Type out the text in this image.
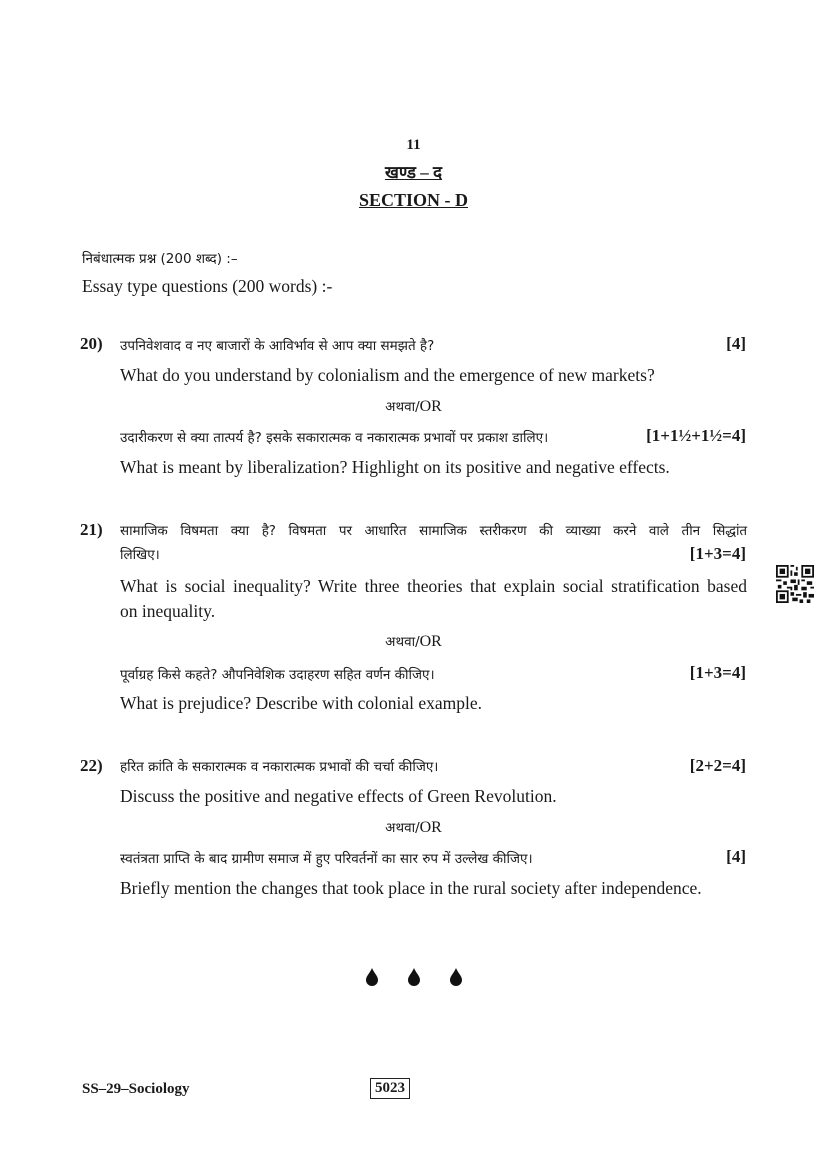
11
खण्ड – द
SECTION - D
निबंधात्मक प्रश्न (200 शब्द) :–
Essay type questions (200 words) :-
20) उपनिवेशवाद व नए बाजारों के आविर्भाव से आप क्या समझते है?	[4]
What do you understand by colonialism and the emergence of new markets?
अथवा/OR
उदारीकरण से क्या तात्पर्य है? इसके सकारात्मक व नकारात्मक प्रभावों पर प्रकाश डालिए।	[1+1½+1½=4]
What is meant by liberalization? Highlight on its positive and negative effects.
21) सामाजिक विषमता क्या है? विषमता पर आधारित सामाजिक स्तरीकरण की व्याख्या करने वाले तीन सिद्धांत
लिखिए।	[1+3=4]
What is social inequality? Write three theories that explain social stratification based
on inequality.
अथवा/OR
पूर्वाग्रह किसे कहते? औपनिवेशिक उदाहरण सहित वर्णन कीजिए।	[1+3=4]
What is prejudice? Describe with colonial example.
22) हरित क्रांति के सकारात्मक व नकारात्मक प्रभावों की चर्चा कीजिए।	[2+2=4]
Discuss the positive and negative effects of Green Revolution.
अथवा/OR
स्वतंत्रता प्राप्ति के बाद ग्रामीण समाज में हुए परिवर्तनों का सार रुप में उल्लेख कीजिए।	[4]
Briefly mention the changes that took place in the rural society after independence.
SS–29–Sociology	5023
